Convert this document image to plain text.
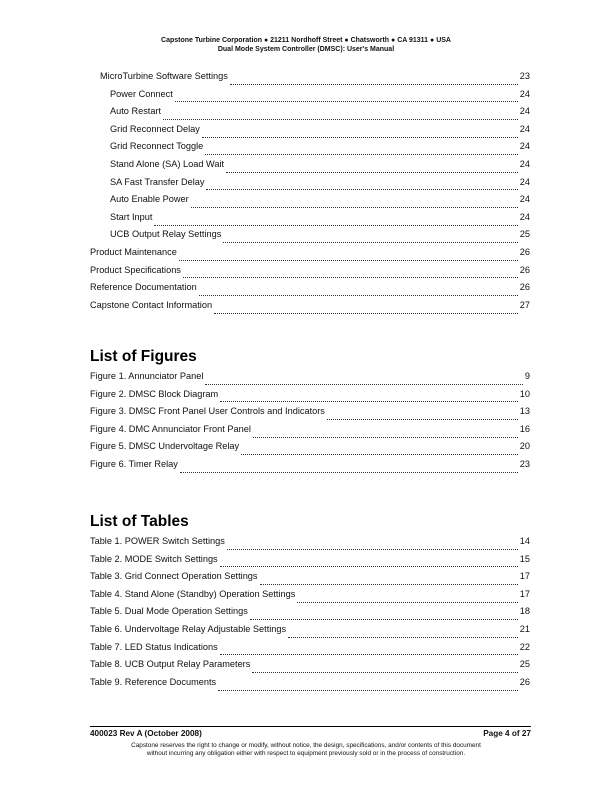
Capstone Turbine Corporation ● 21211 Nordhoff Street ● Chatsworth ● CA 91311 ● USA
Dual Mode System Controller (DMSC): User's Manual
MicroTurbine Software Settings	23
Power Connect	24
Auto Restart	24
Grid Reconnect Delay	24
Grid Reconnect Toggle	24
Stand Alone (SA) Load Wait	24
SA Fast Transfer Delay	24
Auto Enable Power	24
Start Input	24
UCB Output Relay Settings	25
Product Maintenance	26
Product Specifications	26
Reference Documentation	26
Capstone Contact Information	27
List of Figures
Figure 1. Annunciator Panel	9
Figure 2. DMSC Block Diagram	10
Figure 3. DMSC Front Panel User Controls and Indicators	13
Figure 4. DMC Annunciator Front Panel	16
Figure 5. DMSC Undervoltage Relay	20
Figure 6. Timer Relay	23
List of Tables
Table 1. POWER Switch Settings	14
Table 2. MODE Switch Settings	15
Table 3. Grid Connect Operation Settings	17
Table 4. Stand Alone (Standby) Operation Settings	17
Table 5. Dual Mode Operation Settings	18
Table 6. Undervoltage Relay Adjustable Settings	21
Table 7. LED Status Indications	22
Table 8. UCB Output Relay Parameters	25
Table 9. Reference Documents	26
400023 Rev A (October 2008)	Page 4 of 27
Capstone reserves the right to change or modify, without notice, the design, specifications, and/or contents of this document
without incurring any obligation either with respect to equipment previously sold or in the process of construction.
